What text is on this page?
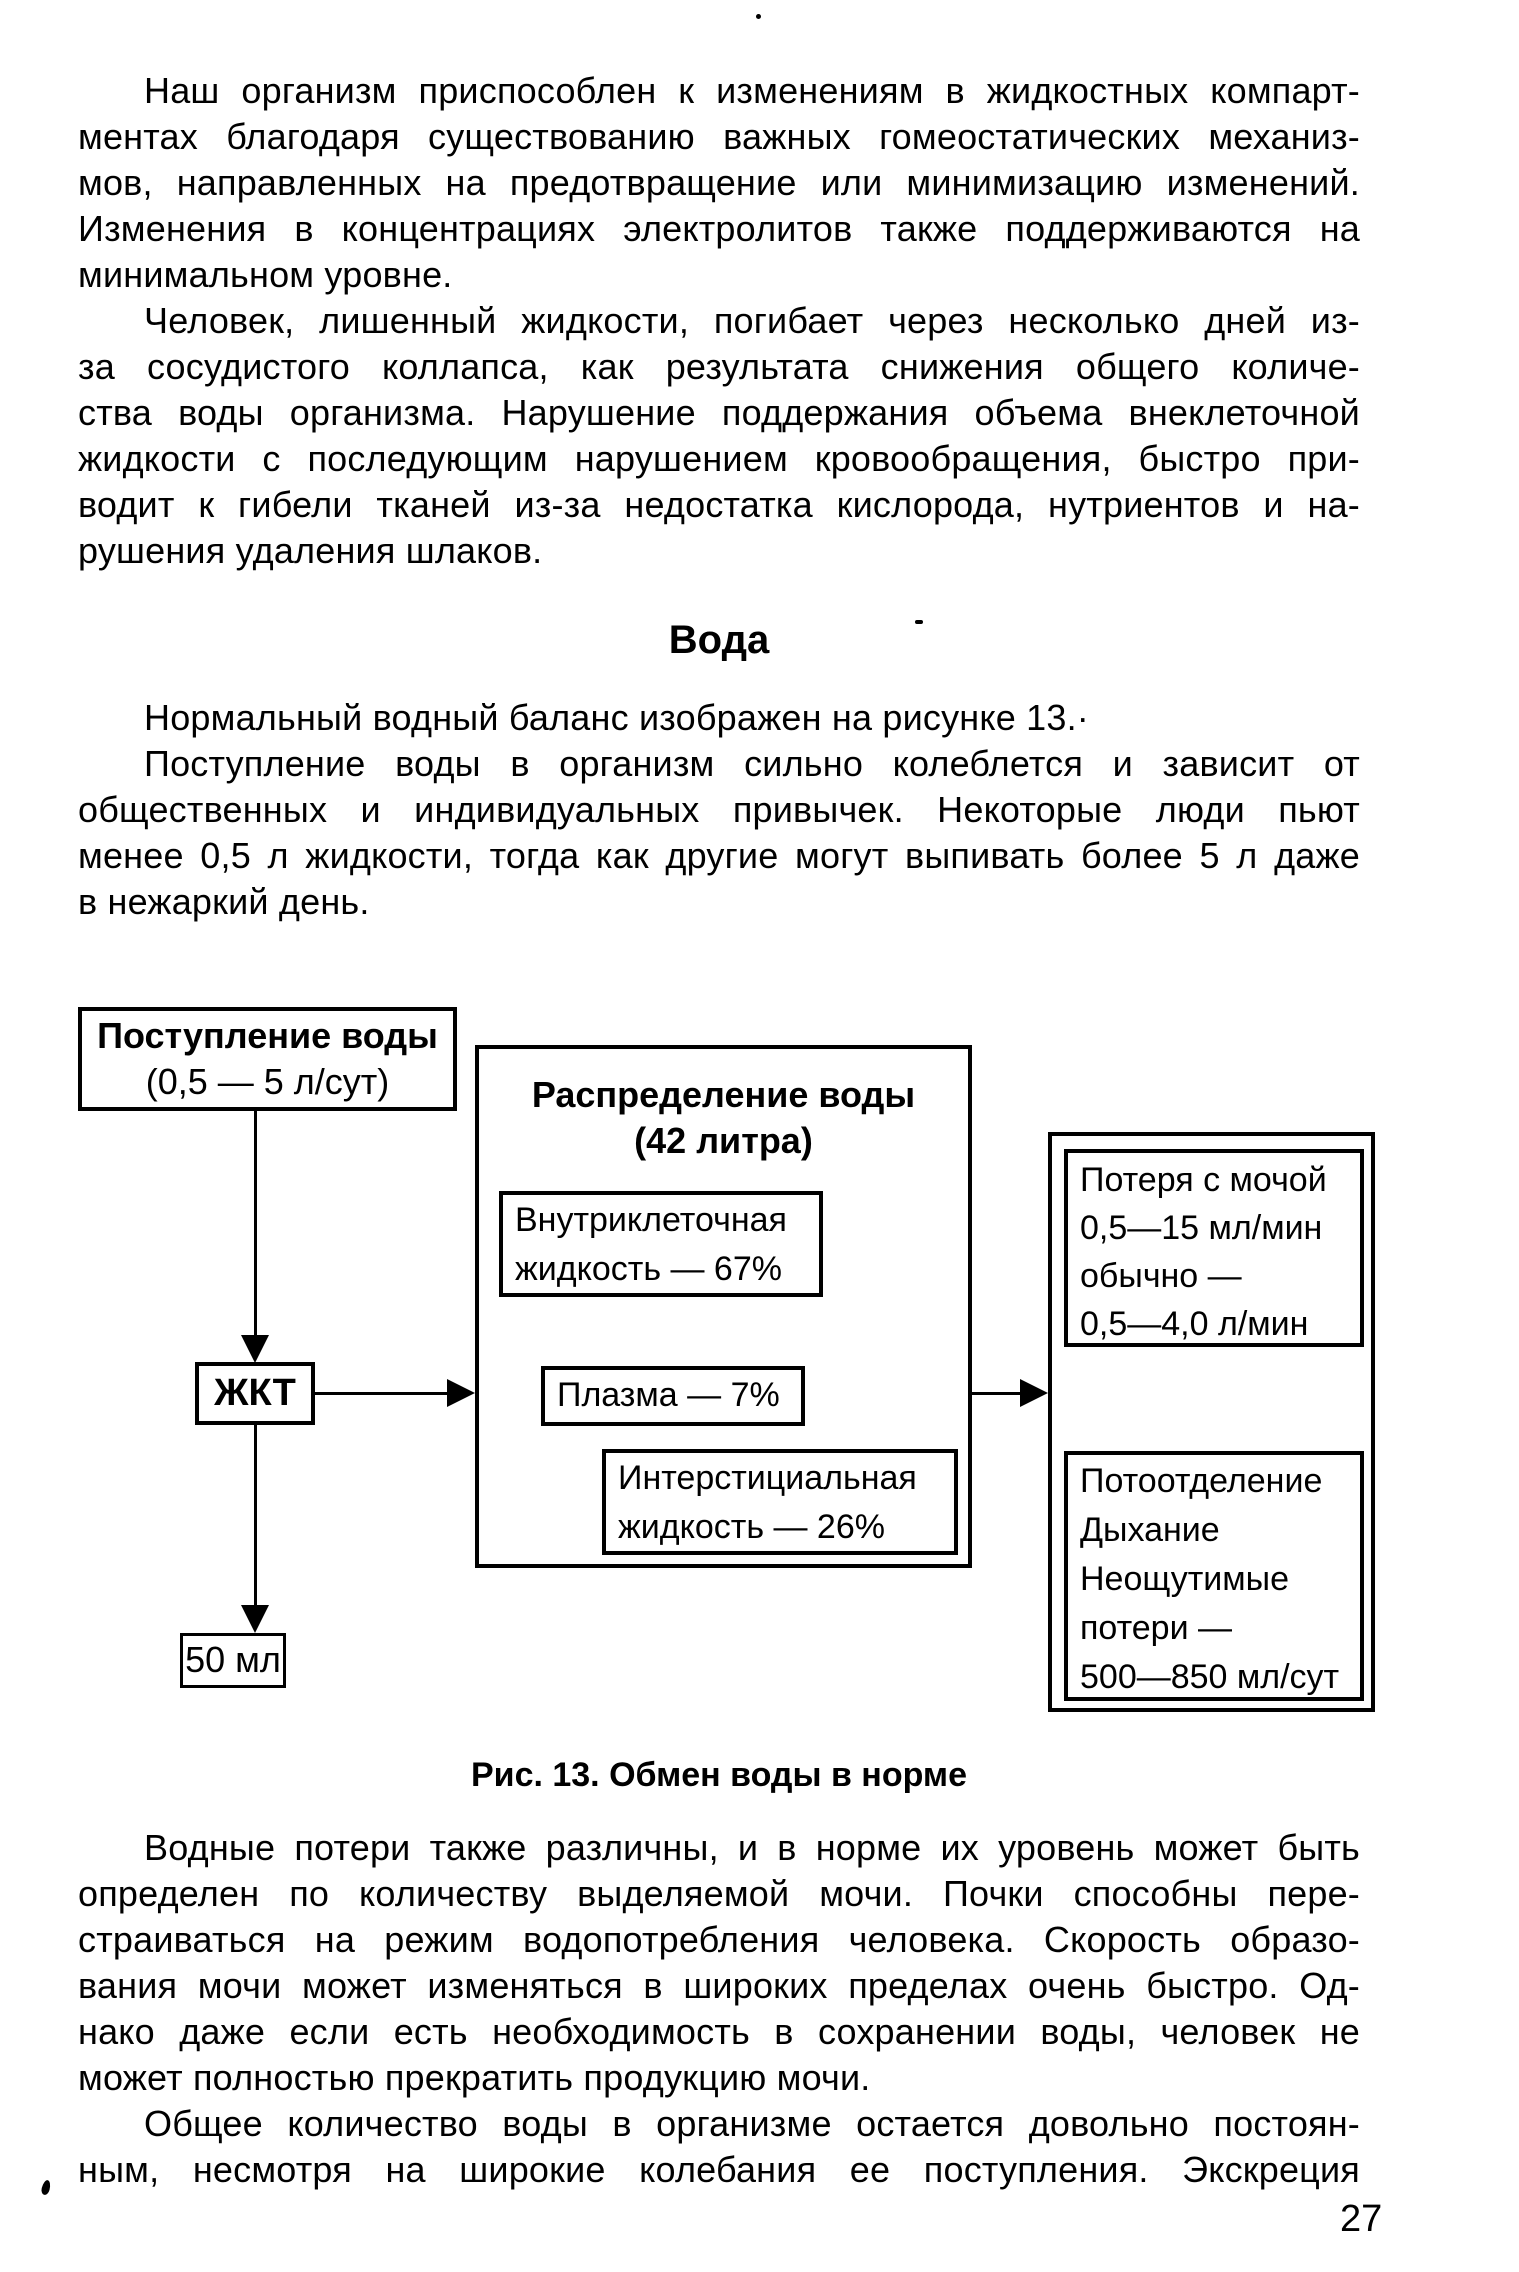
Наш организм приспособлен к изменениям в жидкостных компарт-
ментах благодаря существованию важных гомеостатических механиз-
мов, направленных на предотвращение или минимизацию изменений.
Изменения в концентрациях электролитов также поддерживаются на
минимальном уровне.
Человек, лишенный жидкости, погибает через несколько дней из-
за сосудистого коллапса, как результата снижения общего количе-
ства воды организма. Нарушение поддержания объема внеклеточной
жидкости с последующим нарушением кровообращения, быстро при-
водит к гибели тканей из-за недостатка кислорода, нутриентов и на-
рушения удаления шлаков.
Вода
Нормальный водный баланс изображен на рисунке 13.·
Поступление воды в организм сильно колеблется и зависит от
общественных и индивидуальных привычек. Некоторые люди пьют
менее 0,5 л жидкости, тогда как другие могут выпивать более 5 л даже
в нежаркий день.
Поступление воды
(0,5 — 5 л/сут)
ЖКТ
50 мл
Распределение воды
(42 литра)
Внутриклеточная
жидкость — 67%
Плазма — 7%
Интерстициальная
жидкость — 26%
Потеря с мочой
0,5—15 мл/мин
обычно —
0,5—4,0 л/мин
Потоотделение
Дыхание
Неощутимые
потери —
500—850 мл/сут
Рис. 13. Обмен воды в норме
Водные потери также различны, и в норме их уровень может быть
определен по количеству выделяемой мочи. Почки способны пере-
страиваться на режим водопотребления человека. Скорость образо-
вания мочи может изменяться в широких пределах очень быстро. Од-
нако даже если есть необходимость в сохранении воды, человек не
может полностью прекратить продукцию мочи.
Общее количество воды в организме остается довольно постоян-
ным, несмотря на широкие колебания ее поступления. Экскреция
27
